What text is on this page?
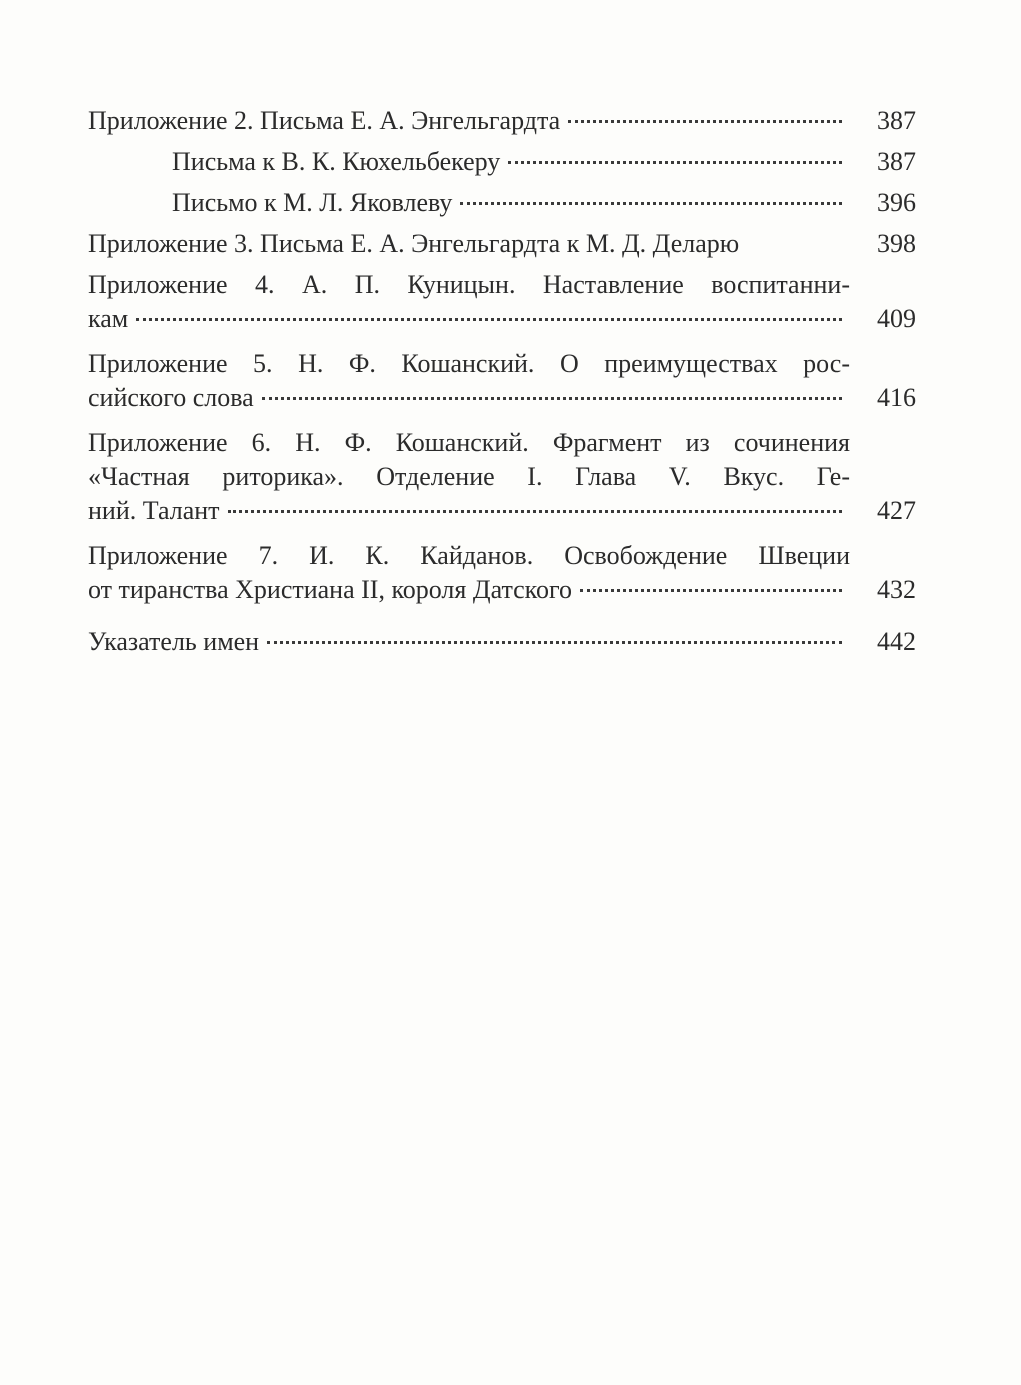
Приложение 2. Письма Е. А. Энгельгардта	387
Письма к В. К. Кюхельбекеру	387
Письмо к М. Л. Яковлеву	396
Приложение 3. Письма Е. А. Энгельгардта к М. Д. Деларю	398
Приложение 4. А. П. Куницын. Наставление воспитанни-
кам	409
Приложение 5. Н. Ф. Кошанский. О преимуществах рос-
сийского слова	416
Приложение 6. Н. Ф. Кошанский. Фрагмент из сочинения
«Частная риторика». Отделение I. Глава V. Вкус. Ге-
ний. Талант	427
Приложение 7. И. К. Кайданов. Освобождение Швеции
от тиранства Христиана II, короля Датского	432
Указатель имен	442
